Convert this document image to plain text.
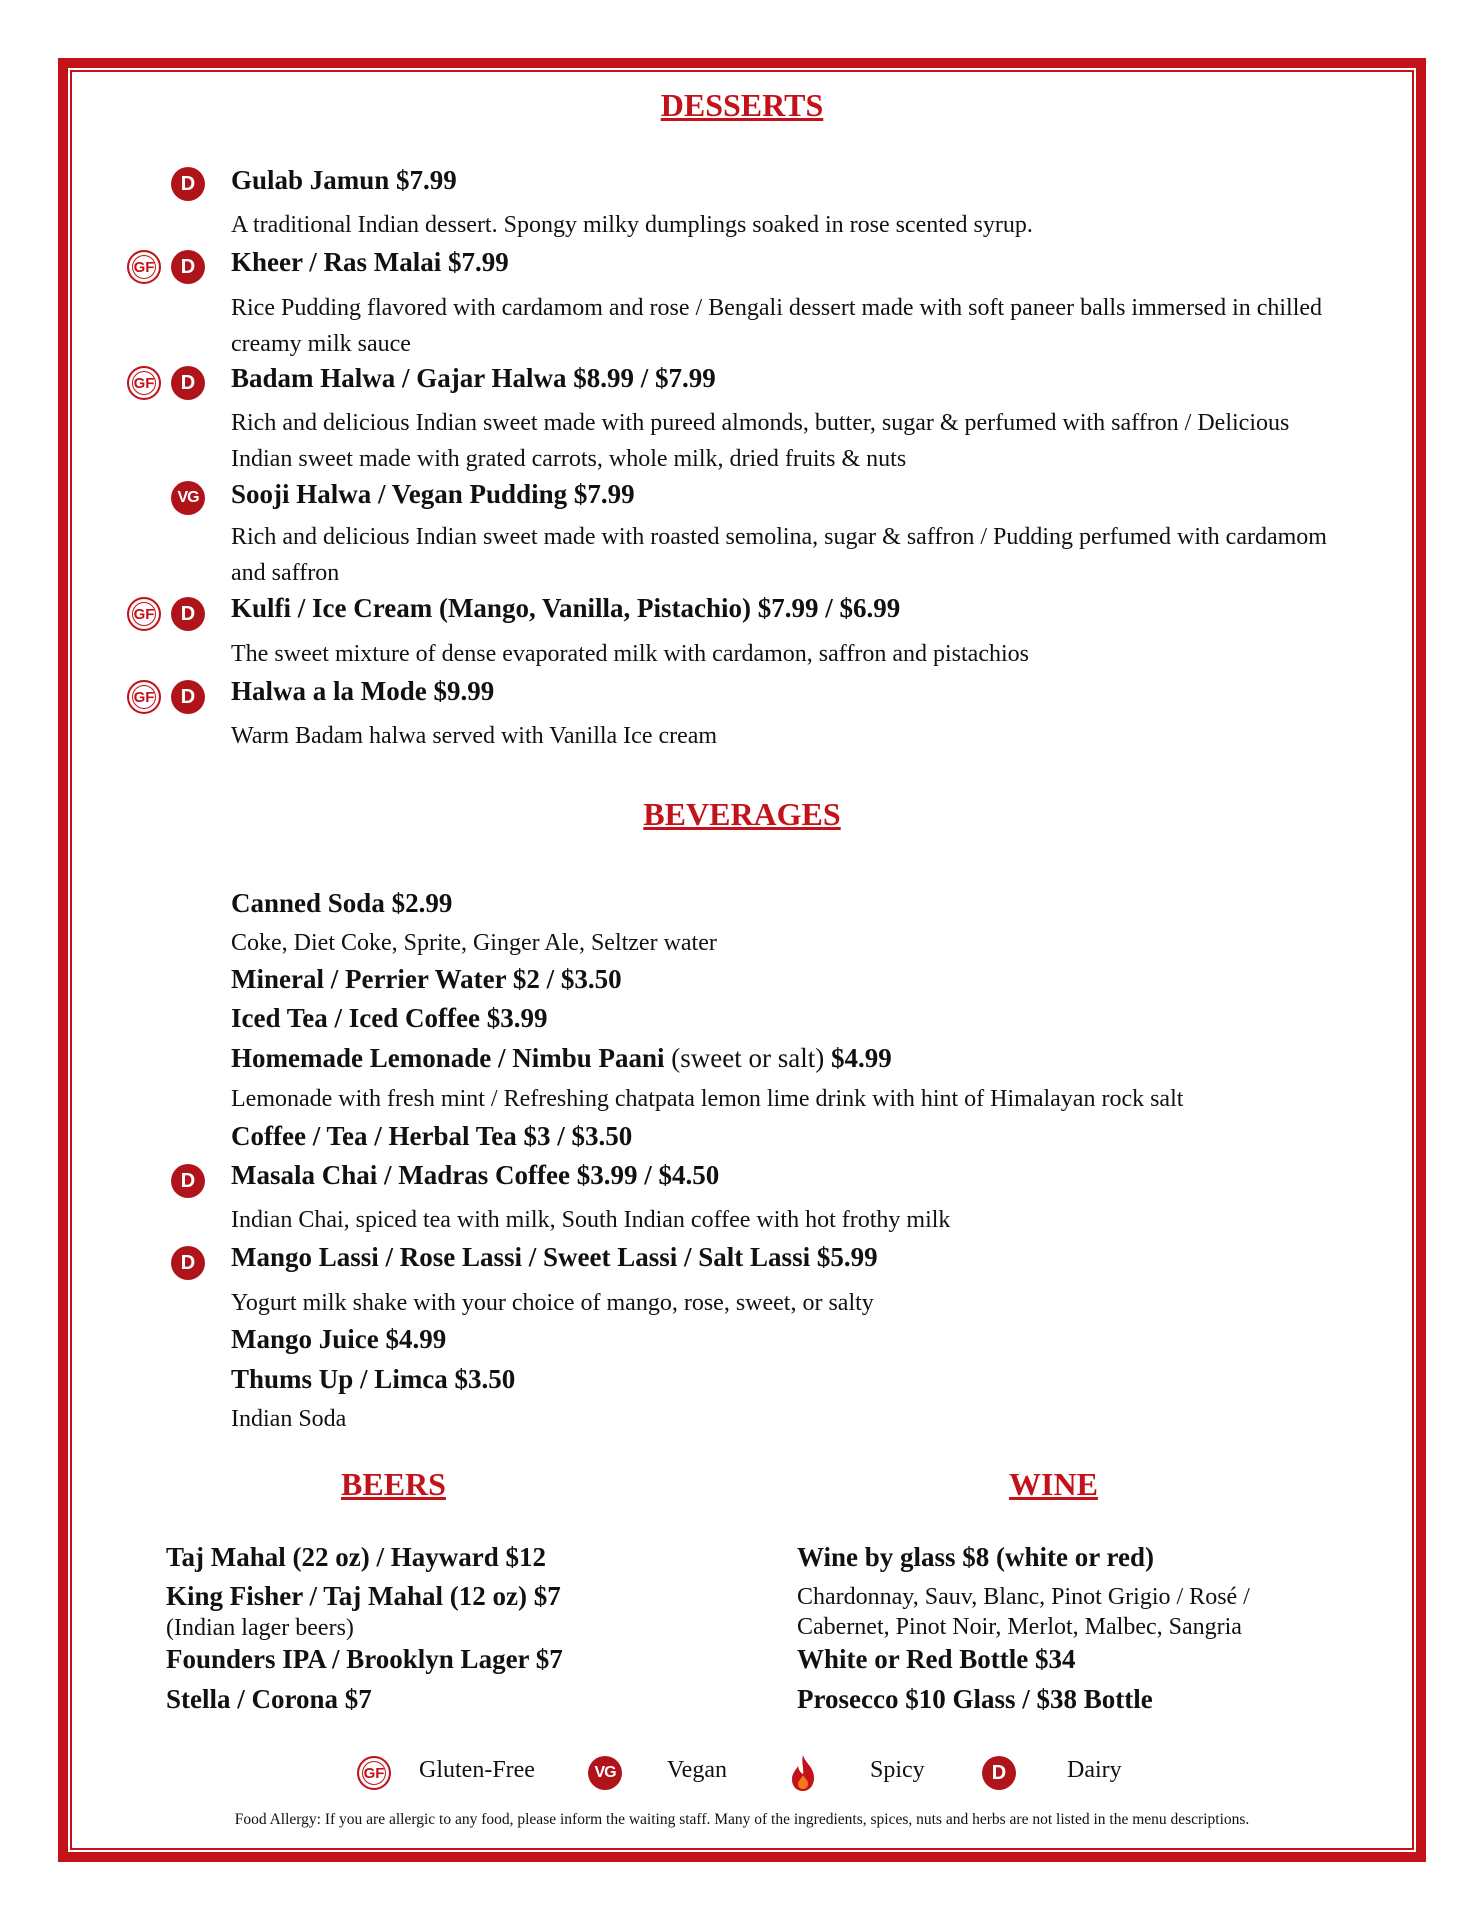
DESSERTS
D	Gulab Jamun $7.99
A traditional Indian dessert. Spongy milky dumplings soaked in rose scented syrup.
GF	D	Kheer / Ras Malai $7.99
Rice Pudding flavored with cardamom and rose / Bengali dessert made with soft paneer balls immersed in chilled creamy milk sauce
GF	D	Badam Halwa / Gajar Halwa $8.99 / $7.99
Rich and delicious Indian sweet made with pureed almonds, butter, sugar & perfumed with saffron / Delicious Indian sweet made with grated carrots, whole milk, dried fruits & nuts
VG Sooji Halwa / Vegan Pudding $7.99
Rich and delicious Indian sweet made with roasted semolina, sugar & saffron / Pudding perfumed with cardamom and saffron
GF	D	Kulfi / Ice Cream (Mango, Vanilla, Pistachio) $7.99 / $6.99
The sweet mixture of dense evaporated milk with cardamon, saffron and pistachios
GF	D	Halwa a la Mode $9.99
Warm Badam halwa served with Vanilla Ice cream
BEVERAGES
Canned Soda $2.99
Coke, Diet Coke, Sprite, Ginger Ale, Seltzer water
Mineral / Perrier Water $2 / $3.50
Iced Tea / Iced Coffee $3.99
Homemade Lemonade / Nimbu Paani (sweet or salt) $4.99
Lemonade with fresh mint / Refreshing chatpata lemon lime drink with hint of Himalayan rock salt
Coffee / Tea / Herbal Tea $3 / $3.50
D	Masala Chai / Madras Coffee $3.99 / $4.50
Indian Chai, spiced tea with milk, South Indian coffee with hot frothy milk
D	Mango Lassi / Rose Lassi / Sweet Lassi / Salt Lassi $5.99
Yogurt milk shake with your choice of mango, rose, sweet, or salty
Mango Juice $4.99
Thums Up / Limca $3.50
Indian Soda
BEERS
Taj Mahal (22 oz) / Hayward $12
King Fisher / Taj Mahal (12 oz) $7
(Indian lager beers)
Founders IPA / Brooklyn Lager $7
Stella / Corona $7
WINE
Wine by glass $8 (white or red)
Chardonnay, Sauv, Blanc, Pinot Grigio / Rosé /
Cabernet, Pinot Noir, Merlot, Malbec, Sangria
White or Red Bottle $34
Prosecco $10 Glass / $38 Bottle
GF Gluten-Free	VG Vegan	Spicy	D	Dairy
Food Allergy: If you are allergic to any food, please inform the waiting staff. Many of the ingredients, spices, nuts and herbs are not listed in the menu descriptions.
